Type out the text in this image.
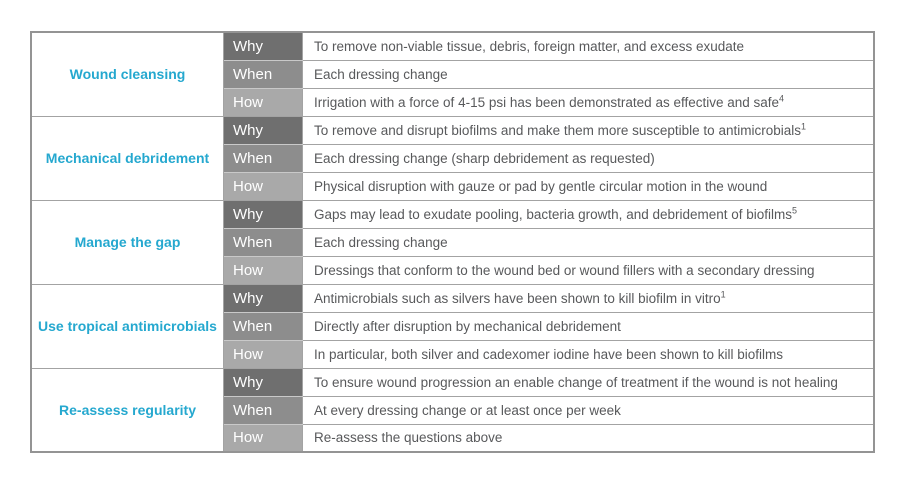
Wound cleansing	Why	To remove non-viable tissue, debris, foreign matter, and excess exudate
	When	Each dressing change
	How	Irrigation with a force of 4-15 psi has been demonstrated as effective and safe$^4$
Mechanical debridement	Why	To remove and disrupt biofilms and make them more susceptible to antimicrobials$^1$
	When	Each dressing change (sharp debridement as requested)
	How	Physical disruption with gauze or pad by gentle circular motion in the wound
Manage the gap	Why	Gaps may lead to exudate pooling, bacteria growth, and debridement of biofilms$^5$
	When	Each dressing change
	How	Dressings that conform to the wound bed or wound fillers with a secondary dressing
Use tropical antimicrobials	Why	Antimicrobials such as silvers have been shown to kill biofilm in vitro$^1$
	When	Directly after disruption by mechanical debridement
	How	In particular, both silver and cadexomer iodine have been shown to kill biofilms
Re-assess regularity	Why	To ensure wound progression an enable change of treatment if the wound is not healing
	When	At every dressing change or at least once per week
	How	Re-assess the questions above
